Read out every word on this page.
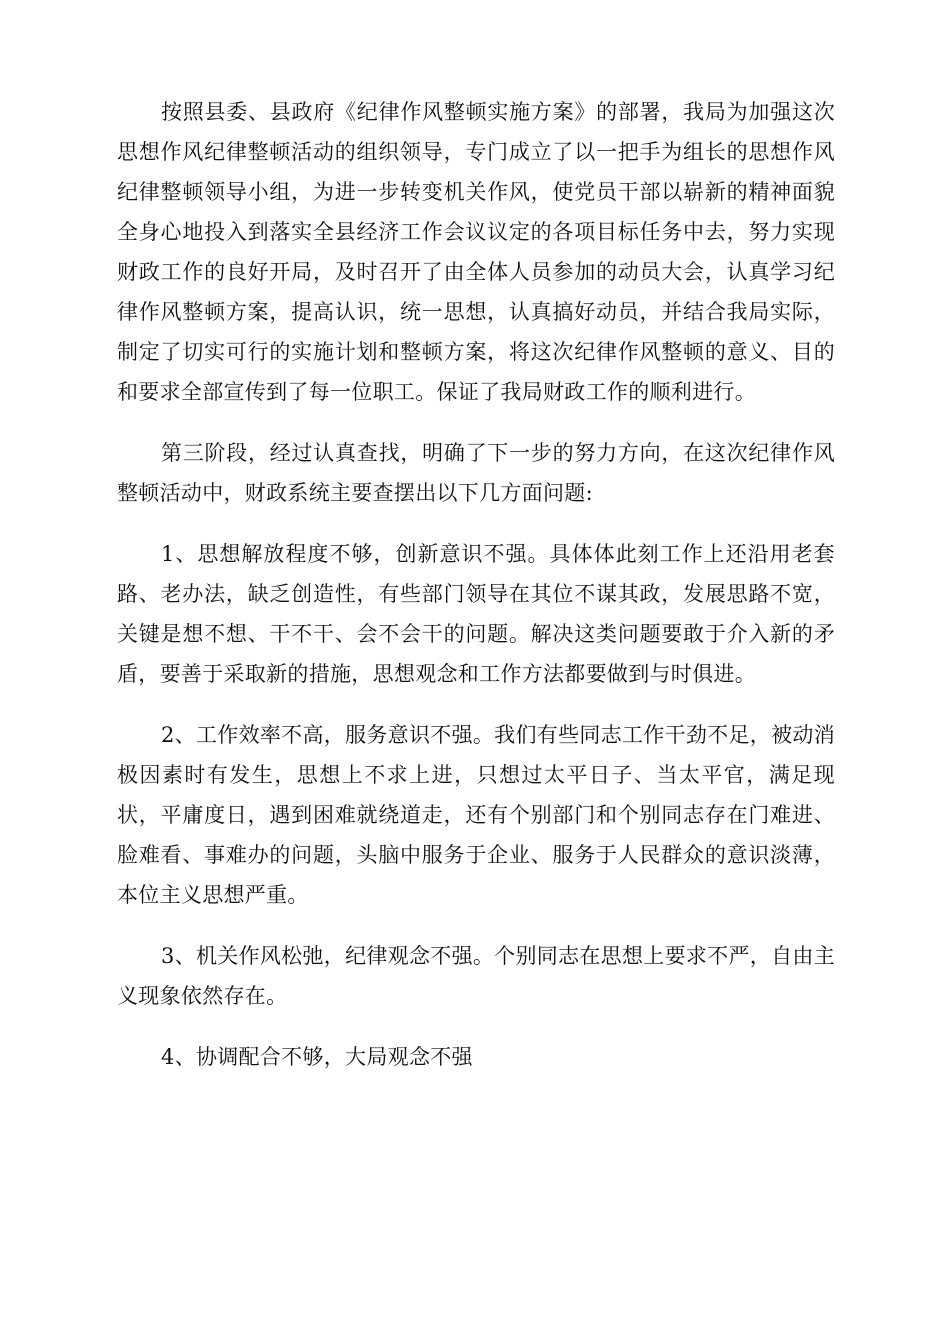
按照县委、县政府《纪律作风整顿实施方案》的部署，我局为加强这次思想作风纪律整顿活动的组织领导，专门成立了以一把手为组长的思想作风纪律整顿领导小组，为进一步转变机关作风，使党员干部以崭新的精神面貌全身心地投入到落实全县经济工作会议议定的各项目标任务中去，努力实现财政工作的良好开局，及时召开了由全体人员参加的动员大会，认真学习纪律作风整顿方案，提高认识，统一思想，认真搞好动员，并结合我局实际，制定了切实可行的实施计划和整顿方案，将这次纪律作风整顿的意义、目的和要求全部宣传到了每一位职工。保证了我局财政工作的顺利进行。

第三阶段，经过认真查找，明确了下一步的努力方向，在这次纪律作风整顿活动中，财政系统主要查摆出以下几方面问题:

1、思想解放程度不够，创新意识不强。具体体此刻工作上还沿用老套路、老办法，缺乏创造性，有些部门领导在其位不谋其政，发展思路不宽，关键是想不想、干不干、会不会干的问题。解决这类问题要敢于介入新的矛盾，要善于采取新的措施，思想观念和工作方法都要做到与时俱进。

2、工作效率不高，服务意识不强。我们有些同志工作干劲不足，被动消极因素时有发生，思想上不求上进，只想过太平日子、当太平官，满足现状，平庸度日，遇到困难就绕道走，还有个别部门和个别同志存在门难进、脸难看、事难办的问题，头脑中服务于企业、服务于人民群众的意识淡薄，本位主义思想严重。

3、机关作风松弛，纪律观念不强。个别同志在思想上要求不严，自由主义现象依然存在。

4、协调配合不够，大局观念不强
